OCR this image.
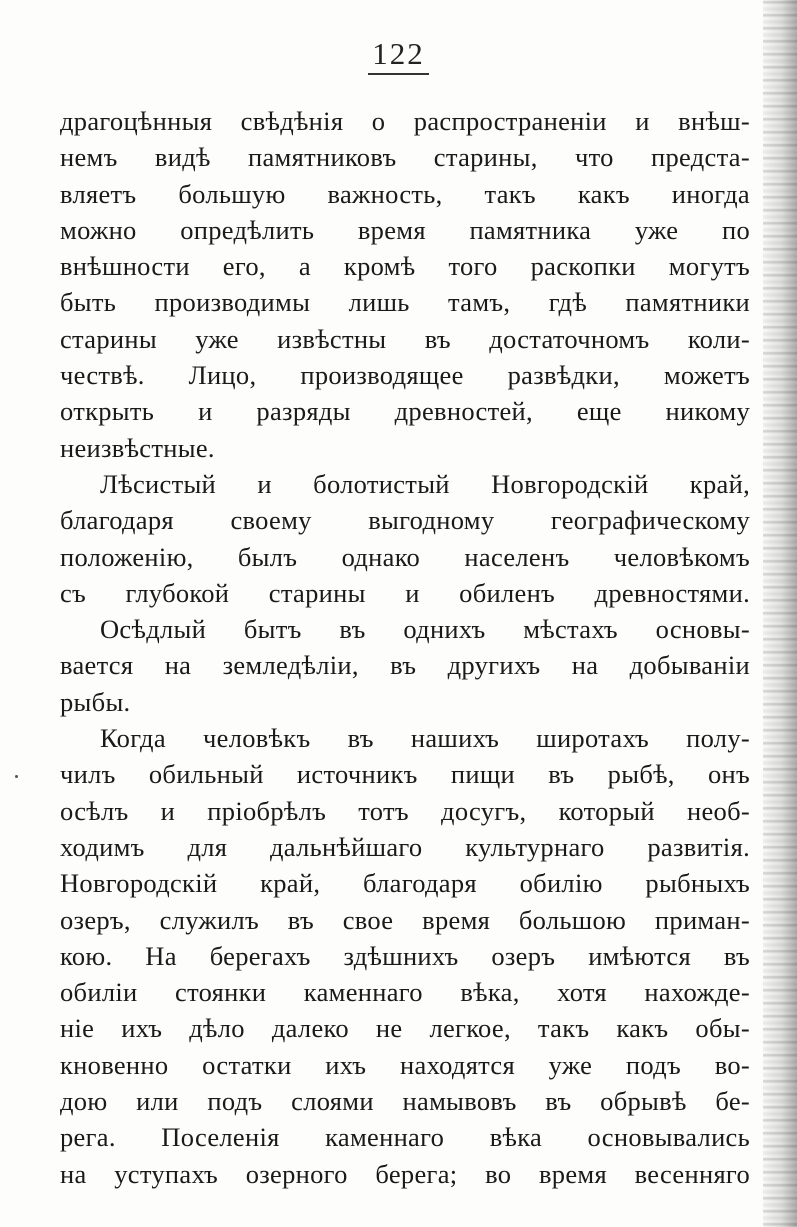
122
драгоцѣнныя свѣдѣнія о распространеніи и внѣш-
немъ видѣ памятниковъ старины, что предста-
вляетъ большую важность, такъ какъ иногда
можно опредѣлить время памятника уже по
внѣшности его, а кромѣ того раскопки могутъ
быть производимы лишь тамъ, гдѣ памятники
старины уже извѣстны въ достаточномъ коли-
чествѣ. Лицо, производящее развѣдки, можетъ
открыть и разряды древностей, еще никому
неизвѣстные.
Лѣсистый и болотистый Новгородскій край,
благодаря своему выгодному географическому
положенію, былъ однако населенъ человѣкомъ
съ глубокой старины и обиленъ древностями.
Осѣдлый бытъ въ однихъ мѣстахъ основы-
вается на земледѣліи, въ другихъ на добываніи
рыбы.
Когда человѣкъ въ нашихъ широтахъ полу-
чилъ обильный источникъ пищи въ рыбѣ, онъ
осѣлъ и пріобрѣлъ тотъ досугъ, который необ-
ходимъ для дальнѣйшаго культурнаго развитія.
Новгородскій край, благодаря обилію рыбныхъ
озеръ, служилъ въ свое время большою приман-
кою. На берегахъ здѣшнихъ озеръ имѣются въ
обиліи стоянки каменнаго вѣка, хотя нахожде-
ніе ихъ дѣло далеко не легкое, такъ какъ обы-
кновенно остатки ихъ находятся уже подъ во-
дою или подъ слоями намывовъ въ обрывѣ бе-
рега. Поселенія каменнаго вѣка основывались
на уступахъ озерного берега; во время весенняго
